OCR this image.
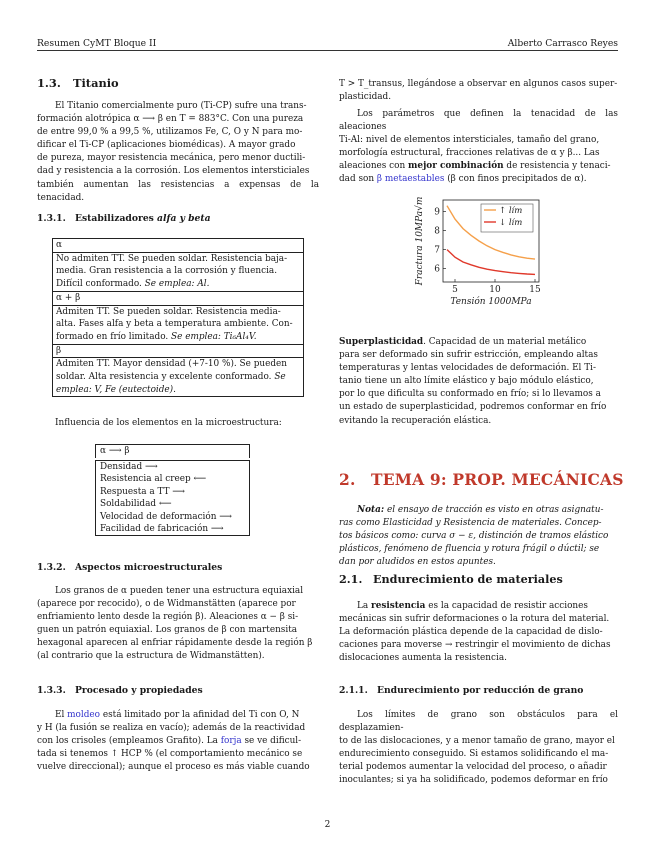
Resumen CyMT Bloque II	Alberto Carrasco Reyes
1.3. Titanio
El Titanio comercialmente puro (Ti-CP) sufre una trans-
formación alotrópica α ⟶ β en T = 883°C. Con una pureza
de entre 99,0 % a 99,5 %, utilizamos Fe, C, O y N para mo-
dificar el Ti-CP (aplicaciones biomédicas). A mayor grado
de pureza, mayor resistencia mecánica, pero menor ductili-
dad y resistencia a la corrosión. Los elementos intersticiales
también aumentan las resistencias a expensas de la tenacidad.
1.3.1. Estabilizadores alfa y beta
α
No admiten TT. Se pueden soldar. Resistencia baja-
media. Gran resistencia a la corrosión y fluencia.
Difícil conformado. Se emplea: Al.
α + β
Admiten TT. Se pueden soldar. Resistencia media-
alta. Fases alfa y beta a temperatura ambiente. Con-
formado en frío limitado. Se emplea: Ti₆Al₄V.
β
Admiten TT. Mayor densidad (+7-10 %). Se pueden
soldar. Alta resistencia y excelente conformado. Se
emplea: V, Fe (eutectoide).
Influencia de los elementos en la microestructura:
α ⟶ β
Densidad ⟶
Resistencia al creep ⟵
Respuesta a TT ⟶
Soldabilidad ⟵
Velocidad de deformación ⟶
Facilidad de fabricación ⟶
1.3.2. Aspectos microestructurales
Los granos de α pueden tener una estructura equiaxial
(aparece por recocido), o de Widmanstätten (aparece por
enfriamiento lento desde la región β). Aleaciones α − β si-
guen un patrón equiaxial. Los granos de β con martensita
hexagonal aparecen al enfriar rápidamente desde la región β
(al contrario que la estructura de Widmanstätten).
1.3.3. Procesado y propiedades
El moldeo está limitado por la afinidad del Ti con O, N
y H (la fusión se realiza en vacío); además de la reactividad
con los crisoles (empleamos Grafito). La forja se ve dificul-
tada si tenemos ↑ HCP % (el comportamiento mecánico se
vuelve direccional); aunque el proceso es más viable cuando
T > T_transus, llegándose a observar en algunos casos super-
plasticidad.
Los parámetros que definen la tenacidad de las aleaciones
Ti-Al: nivel de elementos intersticiales, tamaño del grano,
morfología estructural, fracciones relativas de α y β... Las
aleaciones con mejor combinación de resistencia y tenaci-
dad son β metaestables (β con finos precipitados de α).
5	10	15
6
7
8
9	↑ lím
↓ lím
Tensión 1000MPa
Fractura 10MPa√m
Superplasticidad. Capacidad de un material metálico
para ser deformado sin sufrir estricción, empleando altas
temperaturas y lentas velocidades de deformación. El Ti-
tanio tiene un alto límite elástico y bajo módulo elástico,
por lo que dificulta su conformado en frío; si lo llevamos a
un estado de superplasticidad, podremos conformar en frío
evitando la recuperación elástica.
2. TEMA 9: PROP. MECÁNICAS
Nota: el ensayo de tracción es visto en otras asignatu-
ras como Elasticidad y Resistencia de materiales. Concep-
tos básicos como: curva σ − ε, distinción de tramos elástico
plásticos, fenómeno de fluencia y rotura frágil o dúctil; se
dan por aludidos en estos apuntes.
2.1. Endurecimiento de materiales
La resistencia es la capacidad de resistir acciones
mecánicas sin sufrir deformaciones o la rotura del material.
La deformación plástica depende de la capacidad de dislo-
caciones para moverse → restringir el movimiento de dichas
dislocaciones aumenta la resistencia.
2.1.1. Endurecimiento por reducción de grano
Los límites de grano son obstáculos para el desplazamien-
to de las dislocaciones, y a menor tamaño de grano, mayor el
endurecimiento conseguido. Si estamos solidificando el ma-
terial podemos aumentar la velocidad del proceso, o añadir
inoculantes; si ya ha solidificado, podemos deformar en frío
2
